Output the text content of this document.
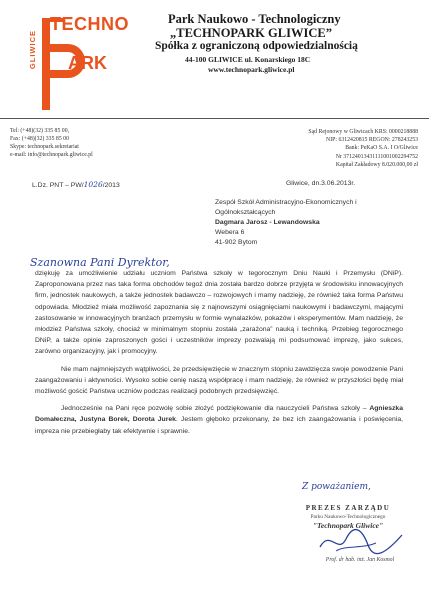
TECHNO
ARK
GLIWICE
Park Naukowo - Technologiczny
„TECHNOPARK GLIWICE”
Spółka z ograniczoną odpowiedzialnością
44-100 GLIWICE ul. Konarskiego 18C
www.technopark.gliwice.pl
Tel: (+48)(32) 335 85 00,
Fax: (+48)(32) 335 85 00
Skype: technopark.sekretariat
e-mail: info@technopark.gliwice.pl
Sąd Rejonowy w Gliwicach KRS: 0000218888
NIP: 6312420815 REGON: 278243253
Bank: PeKaO S.A. I O/Gliwice
Nr 37124013431111001002294752
Kapitał Zakładowy 8.020.000,00 zł
L.Dz. PNT – PW/1026/2013	Gliwice, dn.3.06.2013r.
Zespół Szkół Administracyjno-Ekonomicznych i
Ogólnokształcących
Dagmara Jarosz - Lewandowska
Webera 6
41-902 Bytom
Szanowna Pani Dyrektor,

dziękuję za umożliwienie udziału uczniom Państwa szkoły w tegorocznym Dniu Nauki i Przemysłu (DNiP). Zaproponowana przez nas taka forma obchodów tegoż dnia została bardzo dobrze przyjęta w środowisku innowacyjnych firm, jednostek naukowych, a także jednostek badawczo – rozwojowych i mamy nadzieję, że również taka forma Państwu odpowiada. Młodzież miała możliwość zapoznania się z najnowszymi osiągnięciami naukowymi i badawczymi, mającymi zastosowanie w innowacyjnych branżach przemysłu w formie wynalazków, pokazów i eksperymentów. Mam nadzieję, że młodzież Państwa szkoły, chociaż w minimalnym stopniu została „zarażona” nauką i techniką. Przebieg tegorocznego DNiP, a także opinie zaproszonych gości i uczestników imprezy pozwalają mi podsumować imprezę, jako sukces, zarówno organizacyjny, jak i promocyjny.

Nie mam najmniejszych wątpliwości, że przedsięwzięcie w znacznym stopniu zawdzięcza swoje powodzenie Pani zaangażowaniu i aktywności. Wysoko sobie cenię naszą współpracę i mam nadzieję, że również w przyszłości będę miał możliwość gościć Państwa uczniów podczas realizacji podobnych przedsięwzięć.

Jednocześnie na Pani ręce pozwolę sobie złożyć podziękowanie dla nauczycieli Państwa szkoły – Agnieszka Domałeczna, Justyna Borek, Dorota Jurek. Jestem głęboko przekonany, że bez ich zaangażowania i poświęcenia, impreza nie przebiegłaby tak efektywnie i sprawnie.

Z poważaniem,
PREZES ZARZĄDU
Parku Naukowo-Technologicznego
"Technopark Gliwice"
Prof. dr hab. inż. Jan Kosmol
